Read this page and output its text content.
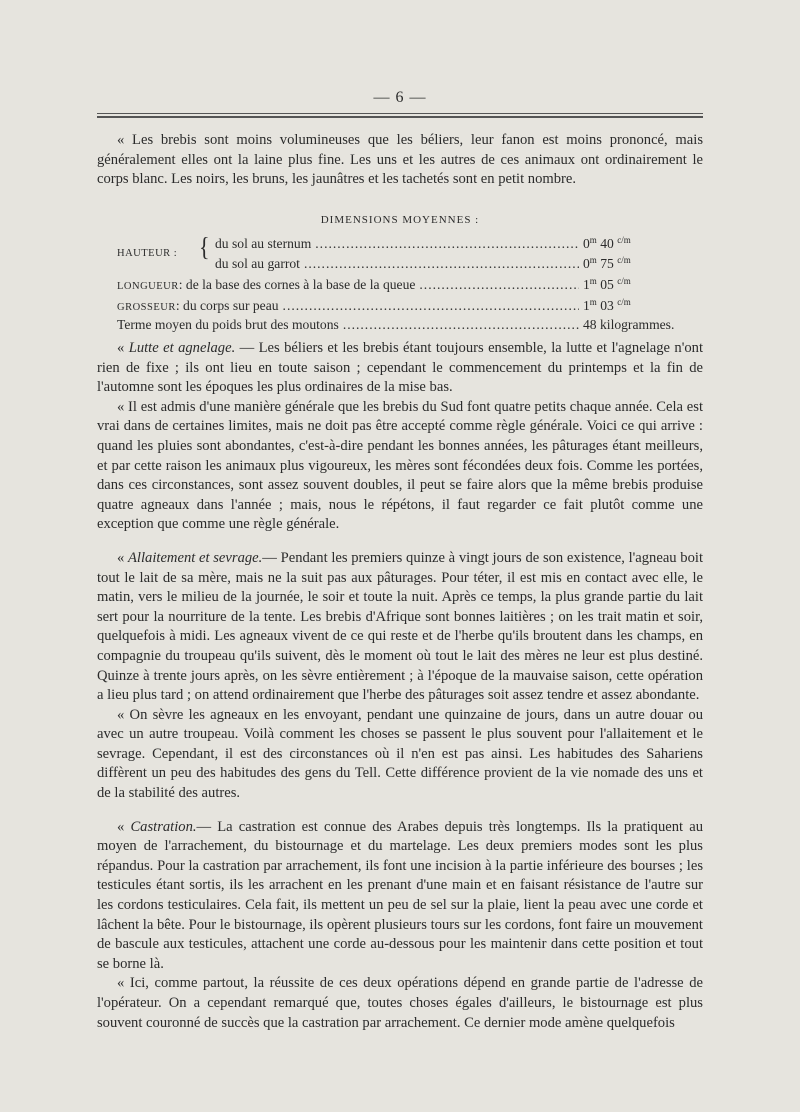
— 6 —

« Les brebis sont moins volumineuses que les béliers, leur fanon est moins prononcé, mais généralement elles ont la laine plus fine. Les uns et les autres de ces animaux ont ordinairement le corps blanc. Les noirs, les bruns, les jaunâtres et les tachetés sont en petit nombre.

DIMENSIONS MOYENNES :
HAUTEUR : { du sol au sternum .....	0$^m$ 40 $^{c/m}$
du sol au garrot .....	0$^m$ 75 $^{c/m}$
LONGUEUR : de la base des cornes à la base de la queue .....	1$^m$ 05 $^{c/m}$
GROSSEUR : du corps sur peau .....	1$^m$ 03 $^{c/m}$
Terme moyen du poids brut des moutons .....	48 kilogrammes.

« Lutte et agnelage. — Les béliers et les brebis étant toujours ensemble, la lutte et l'agnelage n'ont rien de fixe ; ils ont lieu en toute saison ; cependant le commencement du printemps et la fin de l'automne sont les époques les plus ordinaires de la mise bas.

« Il est admis d'une manière générale que les brebis du Sud font quatre petits chaque année. Cela est vrai dans de certaines limites, mais ne doit pas être accepté comme règle générale. Voici ce qui arrive : quand les pluies sont abondantes, c'est-à-dire pendant les bonnes années, les pâturages étant meilleurs, et par cette raison les animaux plus vigoureux, les mères sont fécondées deux fois. Comme les portées, dans ces circonstances, sont assez souvent doubles, il peut se faire alors que la même brebis produise quatre agneaux dans l'année ; mais, nous le répétons, il faut regarder ce fait plutôt comme une exception que comme une règle générale.

« Allaitement et sevrage.— Pendant les premiers quinze à vingt jours de son existence, l'agneau boit tout le lait de sa mère, mais ne la suit pas aux pâturages. Pour téter, il est mis en contact avec elle, le matin, vers le milieu de la journée, le soir et toute la nuit. Après ce temps, la plus grande partie du lait sert pour la nourriture de la tente. Les brebis d'Afrique sont bonnes laitières ; on les trait matin et soir, quelquefois à midi. Les agneaux vivent de ce qui reste et de l'herbe qu'ils broutent dans les champs, en compagnie du troupeau qu'ils suivent, dès le moment où tout le lait des mères ne leur est plus destiné. Quinze à trente jours après, on les sèvre entièrement ; à l'époque de la mauvaise saison, cette opération a lieu plus tard ; on attend ordinairement que l'herbe des pâturages soit assez tendre et assez abondante.

« On sèvre les agneaux en les envoyant, pendant une quinzaine de jours, dans un autre douar ou avec un autre troupeau. Voilà comment les choses se passent le plus souvent pour l'allaitement et le sevrage. Cependant, il est des circonstances où il n'en est pas ainsi. Les habitudes des Sahariens diffèrent un peu des habitudes des gens du Tell. Cette différence provient de la vie nomade des uns et de la stabilité des autres.

« Castration.— La castration est connue des Arabes depuis très longtemps. Ils la pratiquent au moyen de l'arrachement, du bistournage et du martelage. Les deux premiers modes sont les plus répandus. Pour la castration par arrachement, ils font une incision à la partie inférieure des bourses ; les testicules étant sortis, ils les arrachent en les prenant d'une main et en faisant résistance de l'autre sur les cordons testiculaires. Cela fait, ils mettent un peu de sel sur la plaie, lient la peau avec une corde et lâchent la bête. Pour le bistournage, ils opèrent plusieurs tours sur les cordons, font faire un mouvement de bascule aux testicules, attachent une corde au-dessous pour les maintenir dans cette position et tout se borne là.

« Ici, comme partout, la réussite de ces deux opérations dépend en grande partie de l'adresse de l'opérateur. On a cependant remarqué que, toutes choses égales d'ailleurs, le bistournage est plus souvent couronné de succès que la castration par arrachement. Ce dernier mode amène quelquefois
